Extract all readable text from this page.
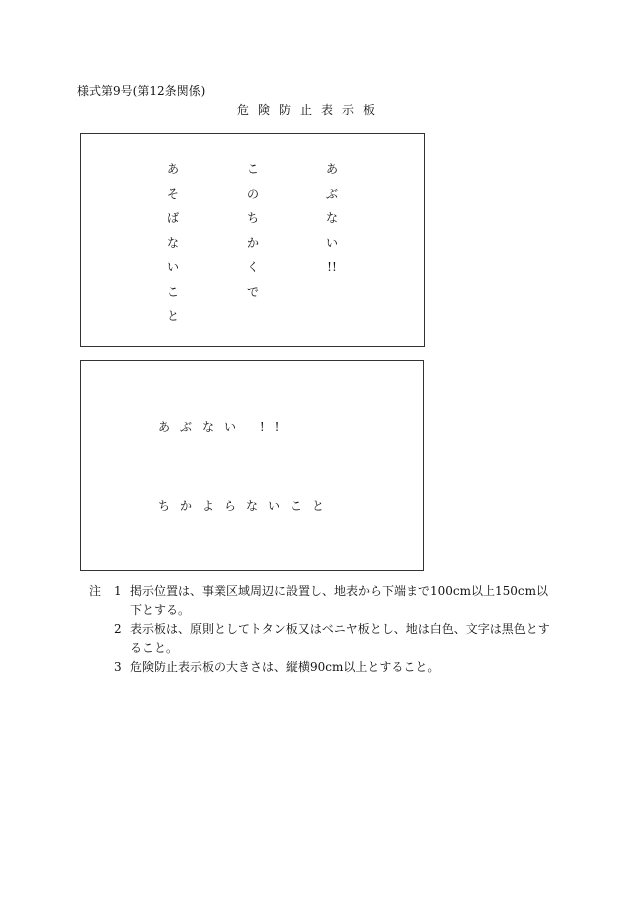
様式第9号(第12条関係)
危険防止表示板
あ
そ
ば
な
い
こ
と
こ
の
ち
か
く
で
あ
ぶ
な
い
!!
あぶない !!
ちかよらないこと
注 1 掲示位置は、事業区域周辺に設置し、地表から下端まで100cm以上150cm以下とする。
2 表示板は、原則としてトタン板又はベニヤ板とし、地は白色、文字は黒色とすること。
3 危険防止表示板の大きさは、縦横90cm以上とすること。
